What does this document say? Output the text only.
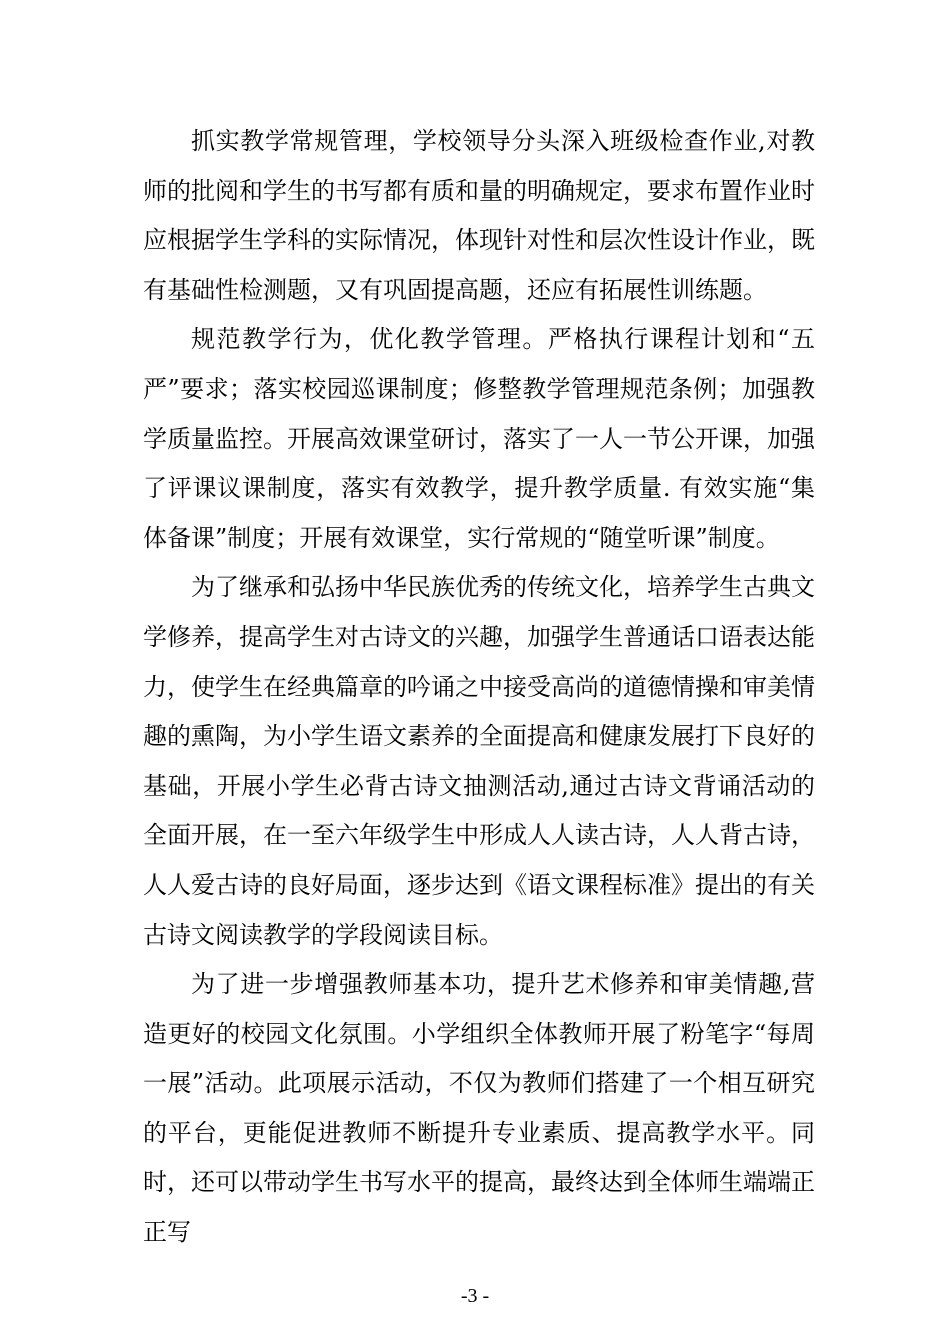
抓实教学常规管理，学校领导分头深入班级检查作业,对教师的批阅和学生的书写都有质和量的明确规定，要求布置作业时应根据学生学科的实际情况，体现针对性和层次性设计作业，既有基础性检测题，又有巩固提高题，还应有拓展性训练题。

规范教学行为，优化教学管理。严格执行课程计划和“五严”要求；落实校园巡课制度；修整教学管理规范条例；加强教学质量监控。开展高效课堂研讨，落实了一人一节公开课，加强了评课议课制度，落实有效教学，提升教学质量. 有效实施“集体备课”制度；开展有效课堂，实行常规的“随堂听课”制度。

为了继承和弘扬中华民族优秀的传统文化，培养学生古典文学修养，提高学生对古诗文的兴趣，加强学生普通话口语表达能力，使学生在经典篇章的吟诵之中接受高尚的道德情操和审美情趣的熏陶，为小学生语文素养的全面提高和健康发展打下良好的基础，开展小学生必背古诗文抽测活动,通过古诗文背诵活动的全面开展，在一至六年级学生中形成人人读古诗，人人背古诗，人人爱古诗的良好局面，逐步达到《语文课程标准》提出的有关古诗文阅读教学的学段阅读目标。

为了进一步增强教师基本功，提升艺术修养和审美情趣,营造更好的校园文化氛围。小学组织全体教师开展了粉笔字“每周一展”活动。此项展示活动，不仅为教师们搭建了一个相互研究的平台，更能促进教师不断提升专业素质、提高教学水平。同时，还可以带动学生书写水平的提高，最终达到全体师生端端正正写

-3 -
